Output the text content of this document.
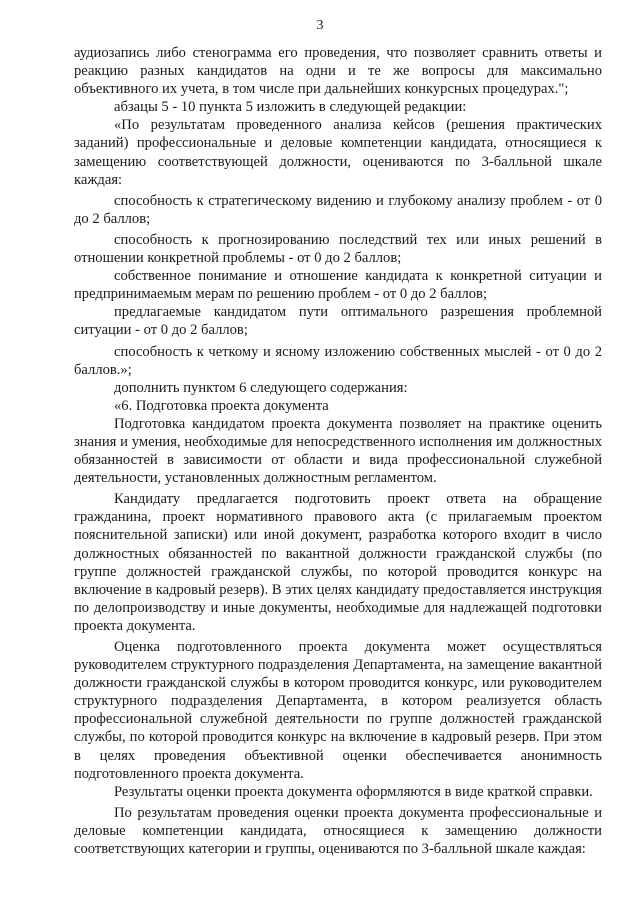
3

аудиозапись либо стенограмма его проведения, что позволяет сравнить ответы и реакцию разных кандидатов на одни и те же вопросы для максимально объективного их учета, в том числе при дальнейших конкурсных процедурах.";

абзацы 5 - 10 пункта 5 изложить в следующей редакции:

«По результатам проведенного анализа кейсов (решения практических заданий) профессиональные и деловые компетенции кандидата, относящиеся к замещению соответствующей должности, оцениваются по 3-балльной шкале каждая:

способность к стратегическому видению и глубокому анализу проблем - от 0 до 2 баллов;

способность к прогнозированию последствий тех или иных решений в отношении конкретной проблемы - от 0 до 2 баллов;

собственное понимание и отношение кандидата к конкретной ситуации и предпринимаемым мерам по решению проблем - от 0 до 2 баллов;

предлагаемые кандидатом пути оптимального разрешения проблемной ситуации - от 0 до 2 баллов;

способность к четкому и ясному изложению собственных мыслей - от 0 до 2 баллов.»;

дополнить пунктом 6 следующего содержания:

«6. Подготовка проекта документа

Подготовка кандидатом проекта документа позволяет на практике оценить знания и умения, необходимые для непосредственного исполнения им должностных обязанностей в зависимости от области и вида профессиональной служебной деятельности, установленных должностным регламентом.

Кандидату предлагается подготовить проект ответа на обращение гражданина, проект нормативного правового акта (с прилагаемым проектом пояснительной записки) или иной документ, разработка которого входит в число должностных обязанностей по вакантной должности гражданской службы (по группе должностей гражданской службы, по которой проводится конкурс на включение в кадровый резерв). В этих целях кандидату предоставляется инструкция по делопроизводству и иные документы, необходимые для надлежащей подготовки проекта документа.

Оценка подготовленного проекта документа может осуществляться руководителем структурного подразделения Департамента, на замещение вакантной должности гражданской службы в котором проводится конкурс, или руководителем структурного подразделения Департамента, в котором реализуется область профессиональной служебной деятельности по группе должностей гражданской службы, по которой проводится конкурс на включение в кадровый резерв. При этом в целях проведения объективной оценки обеспечивается анонимность подготовленного проекта документа.

Результаты оценки проекта документа оформляются в виде краткой справки.

По результатам проведения оценки проекта документа профессиональные и деловые компетенции кандидата, относящиеся к замещению должности соответствующих категории и группы, оцениваются по 3-балльной шкале каждая:
